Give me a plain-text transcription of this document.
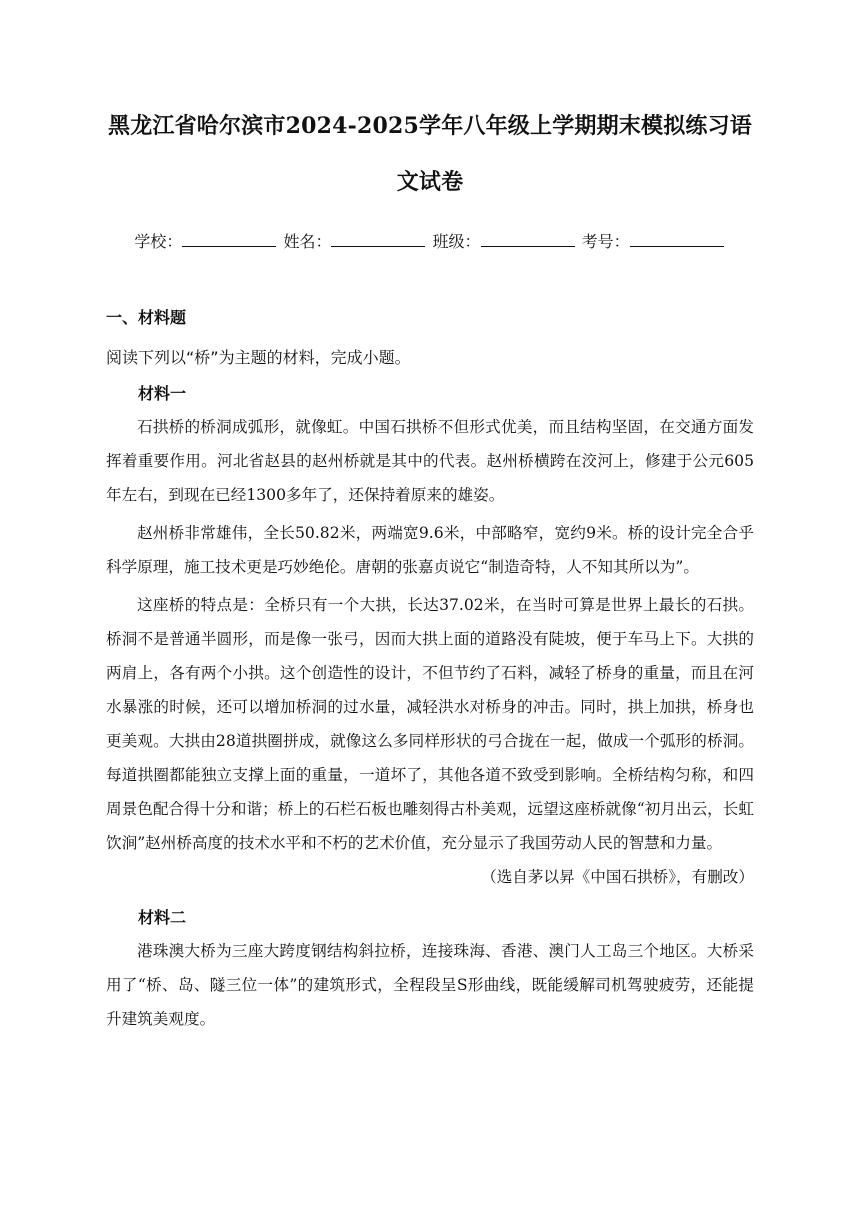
黑龙江省哈尔滨市2024-2025学年八年级上学期期末模拟练习语文试卷
学校：	姓名：	班级：	考号：
一、材料题
阅读下列以“桥”为主题的材料，完成小题。
材料一

石拱桥的桥洞成弧形，就像虹。中国石拱桥不但形式优美，而且结构坚固，在交通方面发挥着重要作用。河北省赵县的赵州桥就是其中的代表。赵州桥横跨在洨河上，修建于公元605年左右，到现在已经1300多年了，还保持着原来的雄姿。

赵州桥非常雄伟，全长50.82米，两端宽9.6米，中部略窄，宽约9米。桥的设计完全合乎科学原理，施工技术更是巧妙绝伦。唐朝的张嘉贞说它“制造奇特，人不知其所以为”。

这座桥的特点是：全桥只有一个大拱，长达37.02米，在当时可算是世界上最长的石拱。桥洞不是普通半圆形，而是像一张弓，因而大拱上面的道路没有陡坡，便于车马上下。大拱的两肩上，各有两个小拱。这个创造性的设计，不但节约了石料，减轻了桥身的重量，而且在河水暴涨的时候，还可以增加桥洞的过水量，减轻洪水对桥身的冲击。同时，拱上加拱，桥身也更美观。大拱由28道拱圈拼成，就像这么多同样形状的弓合拢在一起，做成一个弧形的桥洞。每道拱圈都能独立支撑上面的重量，一道坏了，其他各道不致受到影响。全桥结构匀称，和四周景色配合得十分和谐；桥上的石栏石板也雕刻得古朴美观，远望这座桥就像“初月出云，长虹饮涧”赵州桥高度的技术水平和不朽的艺术价值，充分显示了我国劳动人民的智慧和力量。

（选自茅以昇《中国石拱桥》，有删改）

材料二

港珠澳大桥为三座大跨度钢结构斜拉桥，连接珠海、香港、澳门人工岛三个地区。大桥采用了“桥、岛、隧三位一体”的建筑形式，全程段呈S形曲线，既能缓解司机驾驶疲劳，还能提升建筑美观度。
